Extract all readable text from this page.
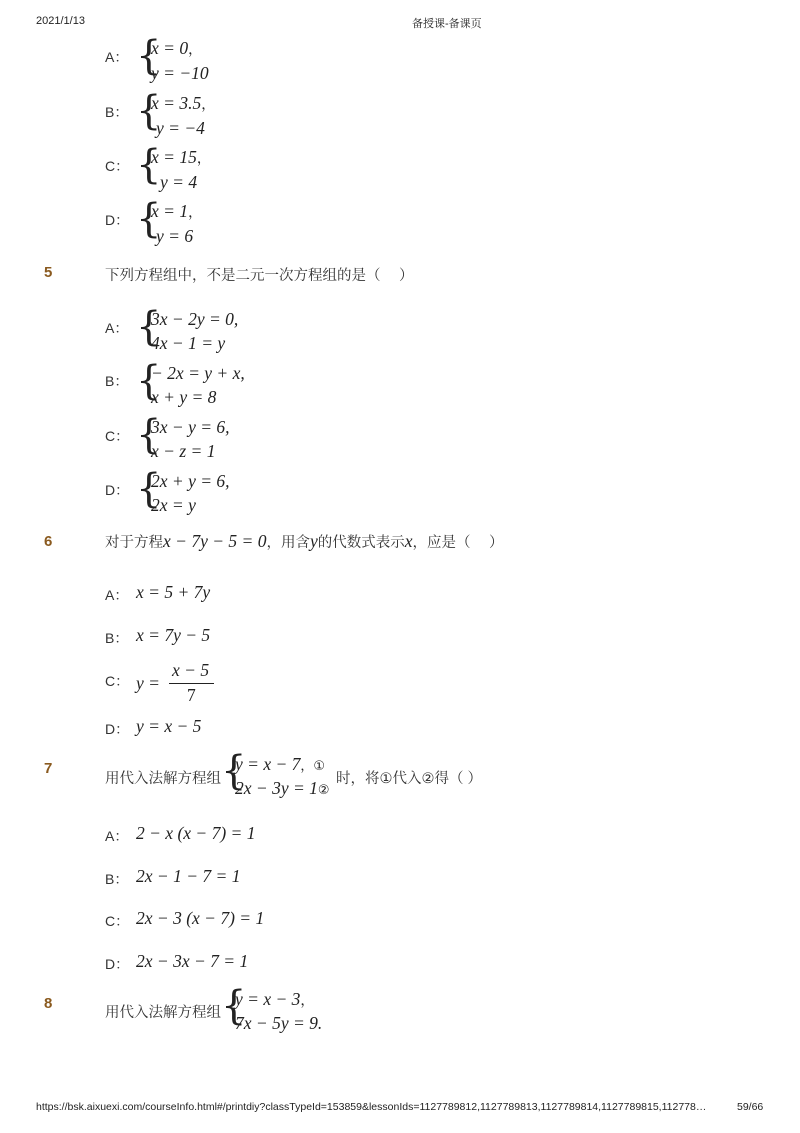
2021/1/13	备授课-备课页
A： {
x = 0，
y = −10
B： {
x = 3.5，
y = −4
C： {
x = 15，
y = 4
D： {
x = 1，
y = 6
5	下列方程组中，不是二元一次方程组的是（　 ）
A： {
3x − 2y = 0,
4x − 1 = y
B： {
− 2x = y + x,
x + y = 8
C： {
3x − y = 6,
x − z = 1
D： {
2x + y = 6,
2x = y
6	对于方程x − 7y − 5 = 0，用含y的代数式表示x，应是（　 ）
A： x = 5 + 7y
B： x = 7y − 5
C： y =
x − 5
7
D： y = x − 5
7
用代入法解方程组 {
y = x − 7，①
2x − 3y = 1②
时，将①代入②得（ ）
A： 2 − x (x − 7) = 1
B： 2x − 1 − 7 = 1
C： 2x − 3 (x − 7) = 1
D： 2x − 3x − 7 = 1
8
用代入法解方程组 {
y = x − 3，
7x − 5y = 9.
https://bsk.aixuexi.com/courseInfo.html#/printdiy?classTypeId=153859&lessonIds=1127789812,1127789813,1127789814,1127789815,112778…	59/66
